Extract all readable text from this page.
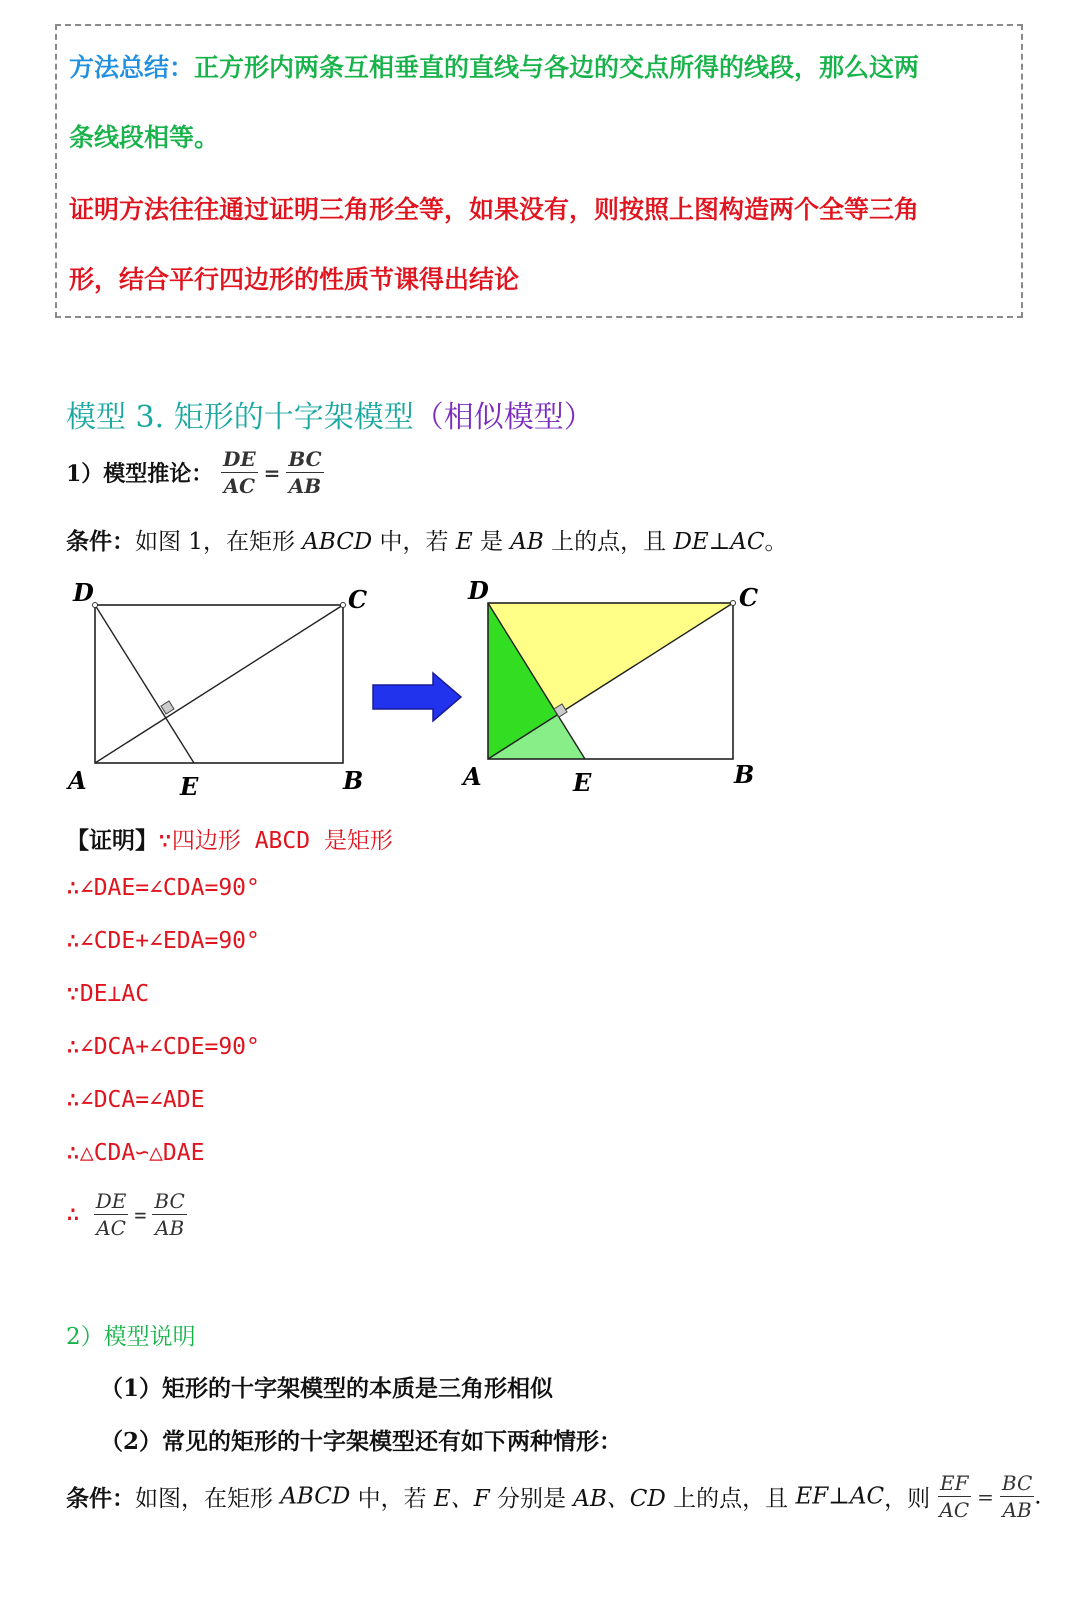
方法总结：正方形内两条互相垂直的直线与各边的交点所得的线段，那么这两
条线段相等。
证明方法往往通过证明三角形全等，如果没有，则按照上图构造两个全等三角
形，结合平行四边形的性质节课得出结论
模型 3. 矩形的十字架模型（相似模型）
1）模型推论： $\frac{DE}{AC} = \frac{BC}{AB}$
条件：如图 1，在矩形 ABCD 中，若 E 是 AB 上的点，且 DE⊥AC。
D	C
A	E	B
D	C
A	E	B
【证明】∵四边形 ABCD 是矩形
∴∠DAE=∠CDA=90°
∴∠CDE+∠EDA=90°
∵DE⊥AC
∴∠DCA+∠CDE=90°
∴∠DCA=∠ADE
∴△CDA∽△DAE
∴ $\frac{DE}{AC} = \frac{BC}{AB}$
2）模型说明
（1）矩形的十字架模型的本质是三角形相似
（2）常见的矩形的十字架模型还有如下两种情形：
条件：如图，在矩形 ABCD 中，若 E、F 分别是 AB、CD 上的点，且 EF⊥AC，则 $\frac{EF}{AC} = \frac{BC}{AB}$ .
